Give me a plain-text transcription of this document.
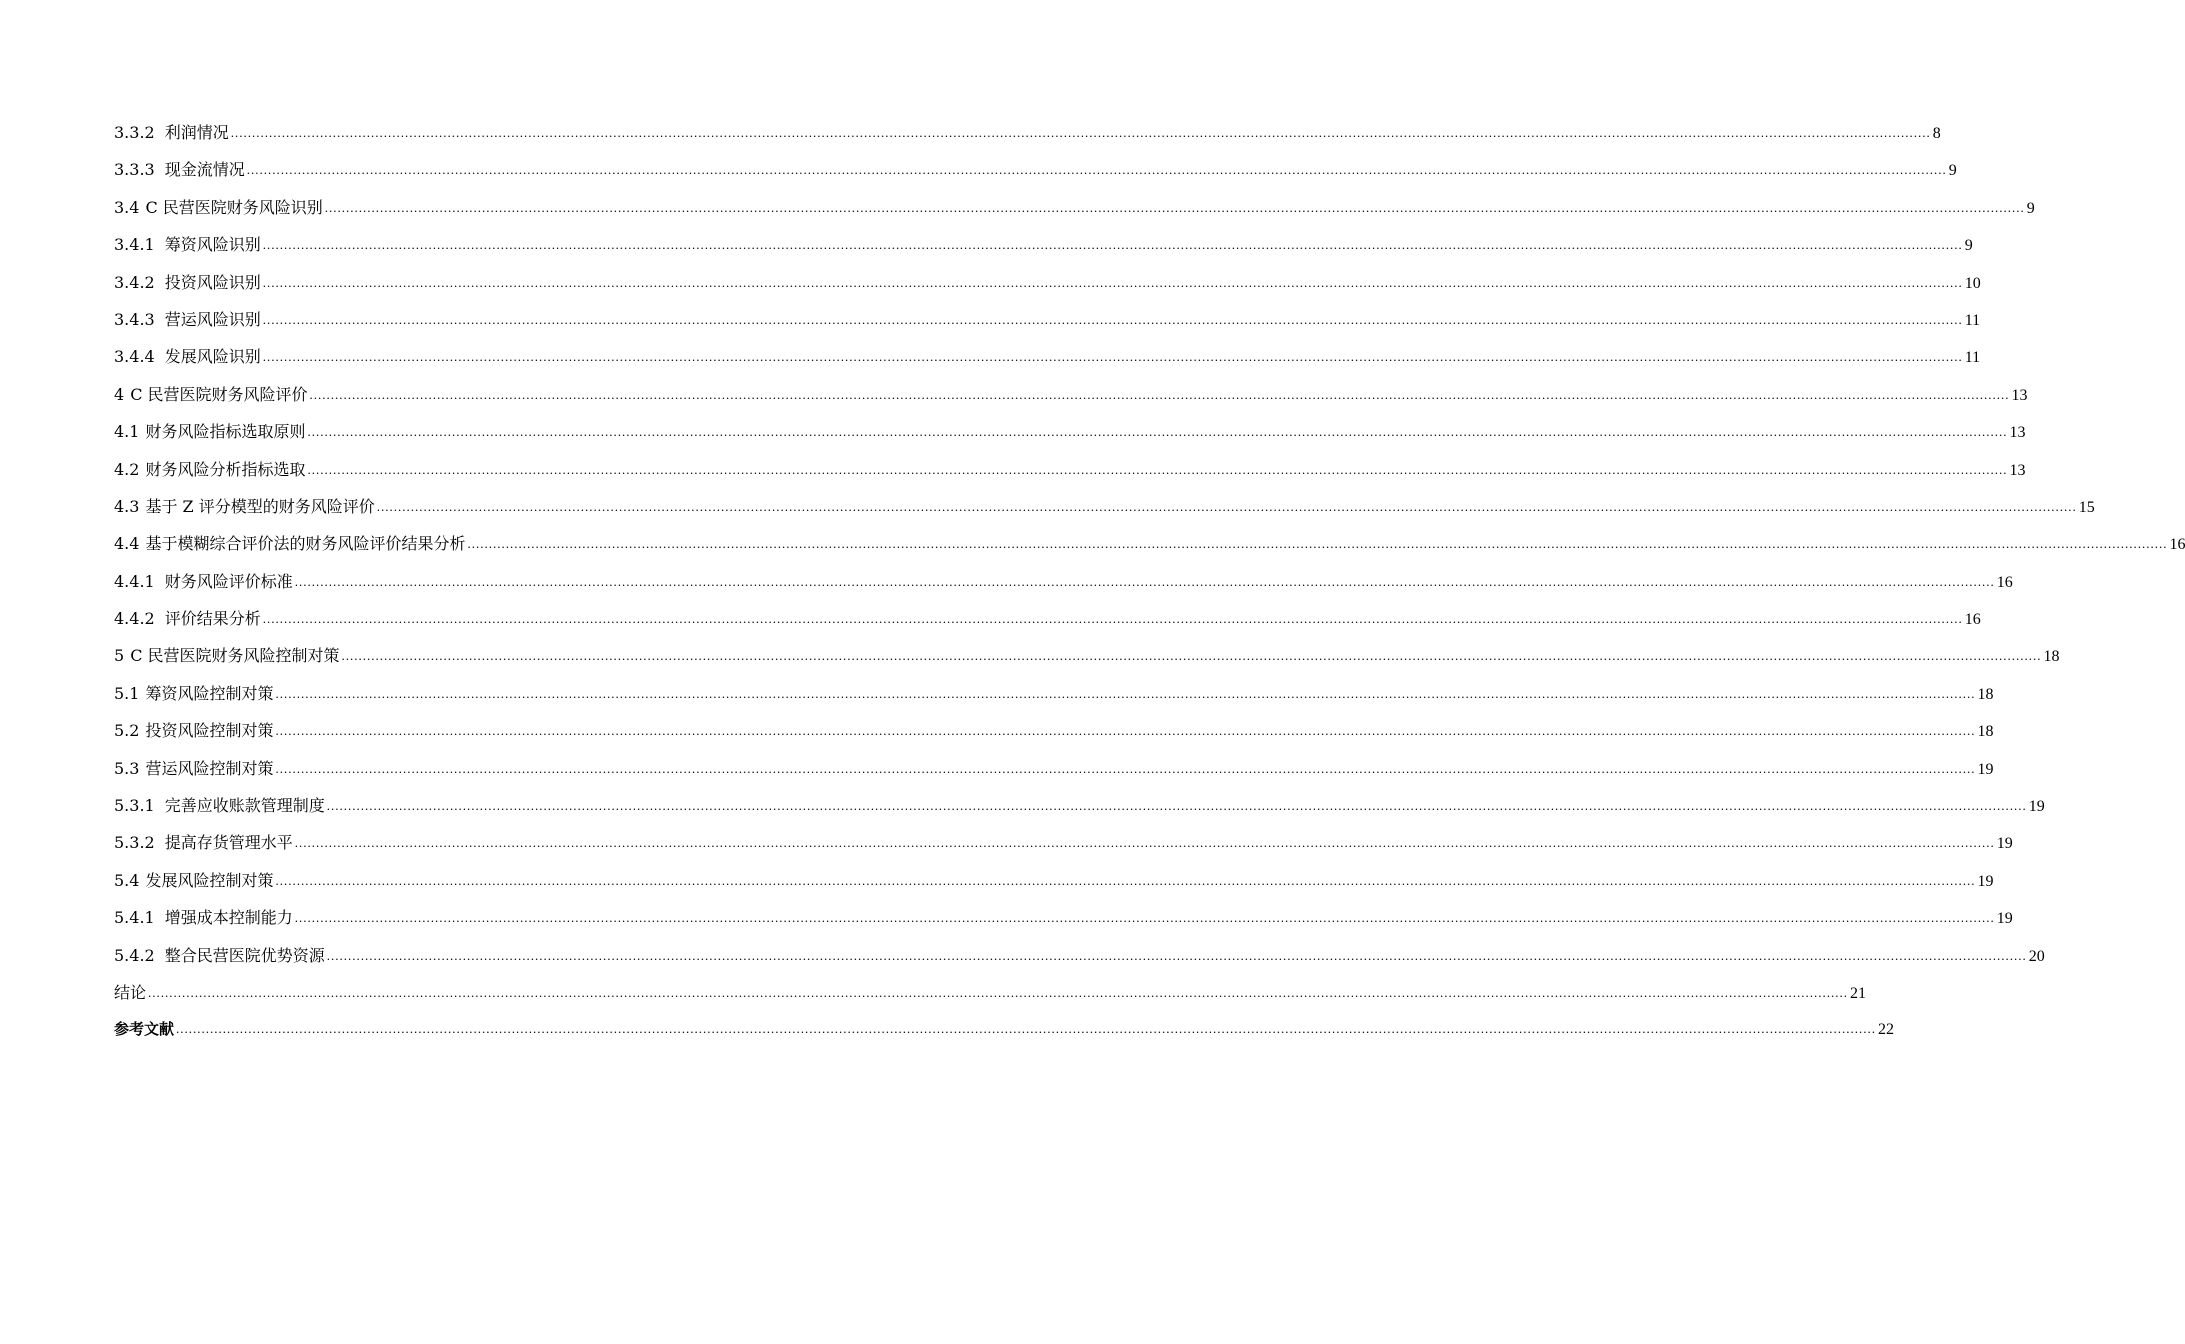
3.3.2 利润情况 ................................................................................................................................................................................................................................................................................................................................................................................................................ 8
3.3.3 现金流情况 ................................................................................................................................................................................................................................................................................................................................................................................................................ 9
3.4 C 民营医院财务风险识别 ................................................................................................................................................................................................................................................................................................................................................................................................................ 9
3.4.1 筹资风险识别 ................................................................................................................................................................................................................................................................................................................................................................................................................ 9
3.4.2 投资风险识别 ................................................................................................................................................................................................................................................................................................................................................................................................................ 10
3.4.3 营运风险识别 ................................................................................................................................................................................................................................................................................................................................................................................................................ 11
3.4.4 发展风险识别 ................................................................................................................................................................................................................................................................................................................................................................................................................ 11
4 C 民营医院财务风险评价 ................................................................................................................................................................................................................................................................................................................................................................................................................ 13
4.1 财务风险指标选取原则 ................................................................................................................................................................................................................................................................................................................................................................................................................ 13
4.2 财务风险分析指标选取 ................................................................................................................................................................................................................................................................................................................................................................................................................ 13
4.3 基于 Z 评分模型的财务风险评价 ................................................................................................................................................................................................................................................................................................................................................................................................................ 15
4.4 基于模糊综合评价法的财务风险评价结果分析 ................................................................................................................................................................................................................................................................................................................................................................................................................ 16
4.4.1 财务风险评价标准 ................................................................................................................................................................................................................................................................................................................................................................................................................ 16
4.4.2 评价结果分析 ................................................................................................................................................................................................................................................................................................................................................................................................................ 16
5 C 民营医院财务风险控制对策 ................................................................................................................................................................................................................................................................................................................................................................................................................ 18
5.1 筹资风险控制对策 ................................................................................................................................................................................................................................................................................................................................................................................................................ 18
5.2 投资风险控制对策 ................................................................................................................................................................................................................................................................................................................................................................................................................ 18
5.3 营运风险控制对策 ................................................................................................................................................................................................................................................................................................................................................................................................................ 19
5.3.1 完善应收账款管理制度 ................................................................................................................................................................................................................................................................................................................................................................................................................ 19
5.3.2 提高存货管理水平 ................................................................................................................................................................................................................................................................................................................................................................................................................ 19
5.4 发展风险控制对策 ................................................................................................................................................................................................................................................................................................................................................................................................................ 19
5.4.1 增强成本控制能力 ................................................................................................................................................................................................................................................................................................................................................................................................................ 19
5.4.2 整合民营医院优势资源 ................................................................................................................................................................................................................................................................................................................................................................................................................ 20
结论 ................................................................................................................................................................................................................................................................................................................................................................................................................ 21
参考文献 ................................................................................................................................................................................................................................................................................................................................................................................................................ 22
